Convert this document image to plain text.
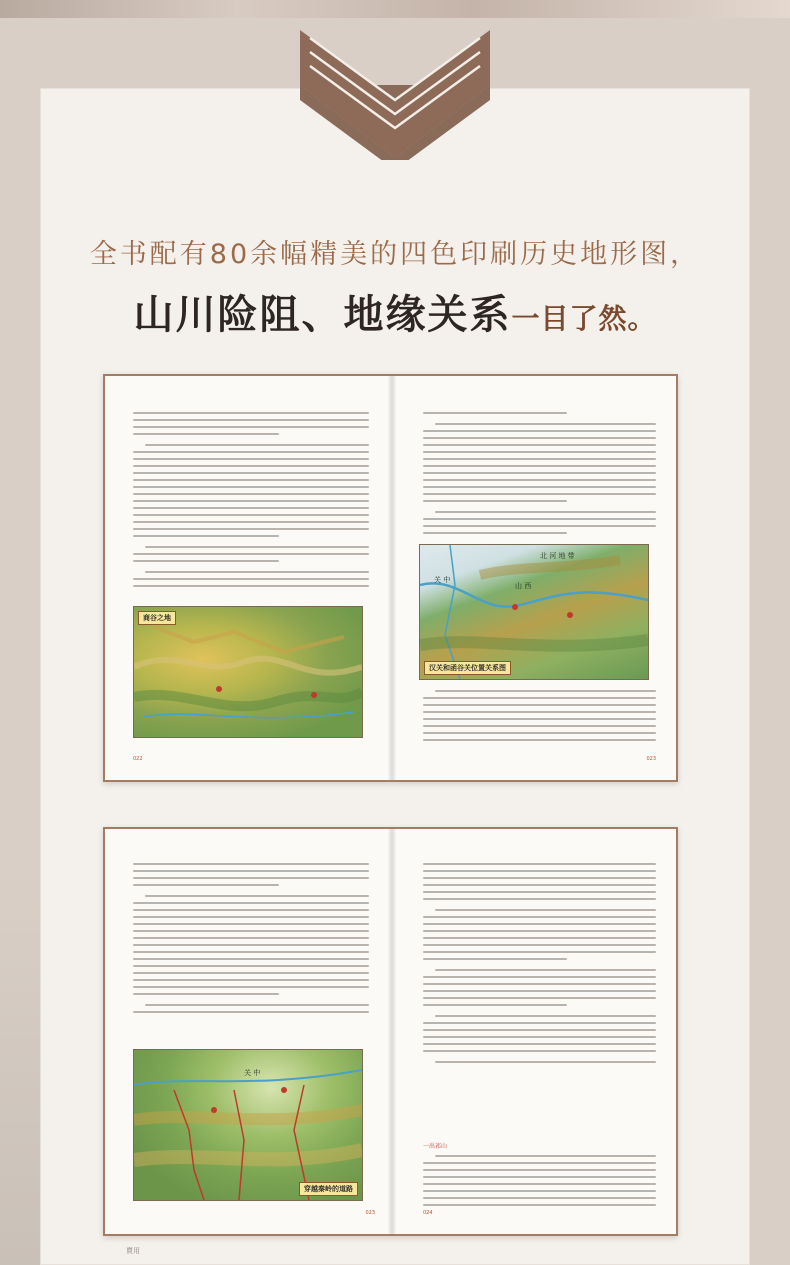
全书配有80余幅精美的四色印刷历史地形图，
山川险阻、地缘关系一目了然。
商谷之地
022
北 河 地 带
关 中
山 西
汉关和函谷关位置关系图
023
关 中
穿越秦岭的道路
023
一出祁山
024
賣用
